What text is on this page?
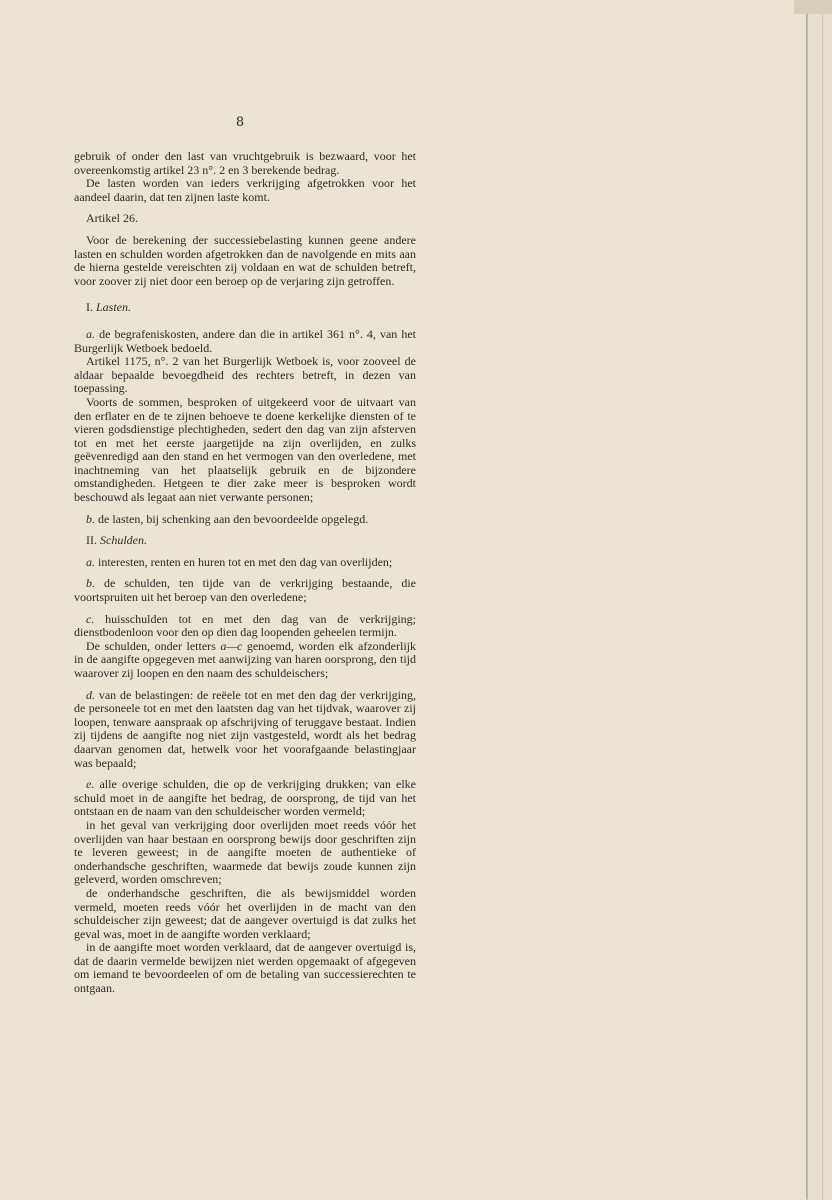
8

gebruik of onder den last van vruchtgebruik is bezwaard, voor het overeenkomstig artikel 23 n°. 2 en 3 berekende bedrag.

De lasten worden van ieders verkrijging afgetrokken voor het aandeel daarin, dat ten zijnen laste komt.

Artikel 26.

Voor de berekening der successiebelasting kunnen geene andere lasten en schulden worden afgetrokken dan de navolgende en mits aan de hierna gestelde vereischten zij voldaan en wat de schulden betreft, voor zoover zij niet door een beroep op de verjaring zijn getroffen.

I. Lasten.

a. de begrafeniskosten, andere dan die in artikel 361 n°. 4, van het Burgerlijk Wetboek bedoeld.

Artikel 1175, n°. 2 van het Burgerlijk Wetboek is, voor zooveel de aldaar bepaalde bevoegdheid des rechters betreft, in dezen van toepassing.

Voorts de sommen, besproken of uitgekeerd voor de uitvaart van den erflater en de te zijnen behoeve te doene kerkelijke diensten of te vieren godsdienstige plechtigheden, sedert den dag van zijn afsterven tot en met het eerste jaargetijde na zijn overlijden, en zulks geëvenredigd aan den stand en het vermogen van den overledene, met inachtneming van het plaatselijk gebruik en de bijzondere omstandigheden. Hetgeen te dier zake meer is besproken wordt beschouwd als legaat aan niet verwante personen;

b. de lasten, bij schenking aan den bevoordeelde opgelegd.

II. Schulden.

a. interesten, renten en huren tot en met den dag van overlijden;

b. de schulden, ten tijde van de verkrijging bestaande, die voortspruiten uit het beroep van den overledene;

c. huisschulden tot en met den dag van de verkrijging; dienstbodenloon voor den op dien dag loopenden geheelen termijn.

De schulden, onder letters a—c genoemd, worden elk afzonderlijk in de aangifte opgegeven met aanwijzing van haren oorsprong, den tijd waarover zij loopen en den naam des schuldeischers;

d. van de belastingen: de reëele tot en met den dag der verkrijging, de personeele tot en met den laatsten dag van het tijdvak, waarover zij loopen, tenware aanspraak op afschrijving of teruggave bestaat. Indien zij tijdens de aangifte nog niet zijn vastgesteld, wordt als het bedrag daarvan genomen dat, hetwelk voor het voorafgaande belastingjaar was bepaald;

e. alle overige schulden, die op de verkrijging drukken; van elke schuld moet in de aangifte het bedrag, de oorsprong, de tijd van het ontstaan en de naam van den schuldeischer worden vermeld;

in het geval van verkrijging door overlijden moet reeds vóór het overlijden van haar bestaan en oorsprong bewijs door geschriften zijn te leveren geweest; in de aangifte moeten de authentieke of onderhandsche geschriften, waarmede dat bewijs zoude kunnen zijn geleverd, worden omschreven;

de onderhandsche geschriften, die als bewijsmiddel worden vermeld, moeten reeds vóór het overlijden in de macht van den schuldeischer zijn geweest; dat de aangever overtuigd is dat zulks het geval was, moet in de aangifte worden verklaard;

in de aangifte moet worden verklaard, dat de aangever overtuigd is, dat de daarin vermelde bewijzen niet werden opgemaakt of afgegeven om iemand te bevoordeelen of om de betaling van successierechten te ontgaan.
